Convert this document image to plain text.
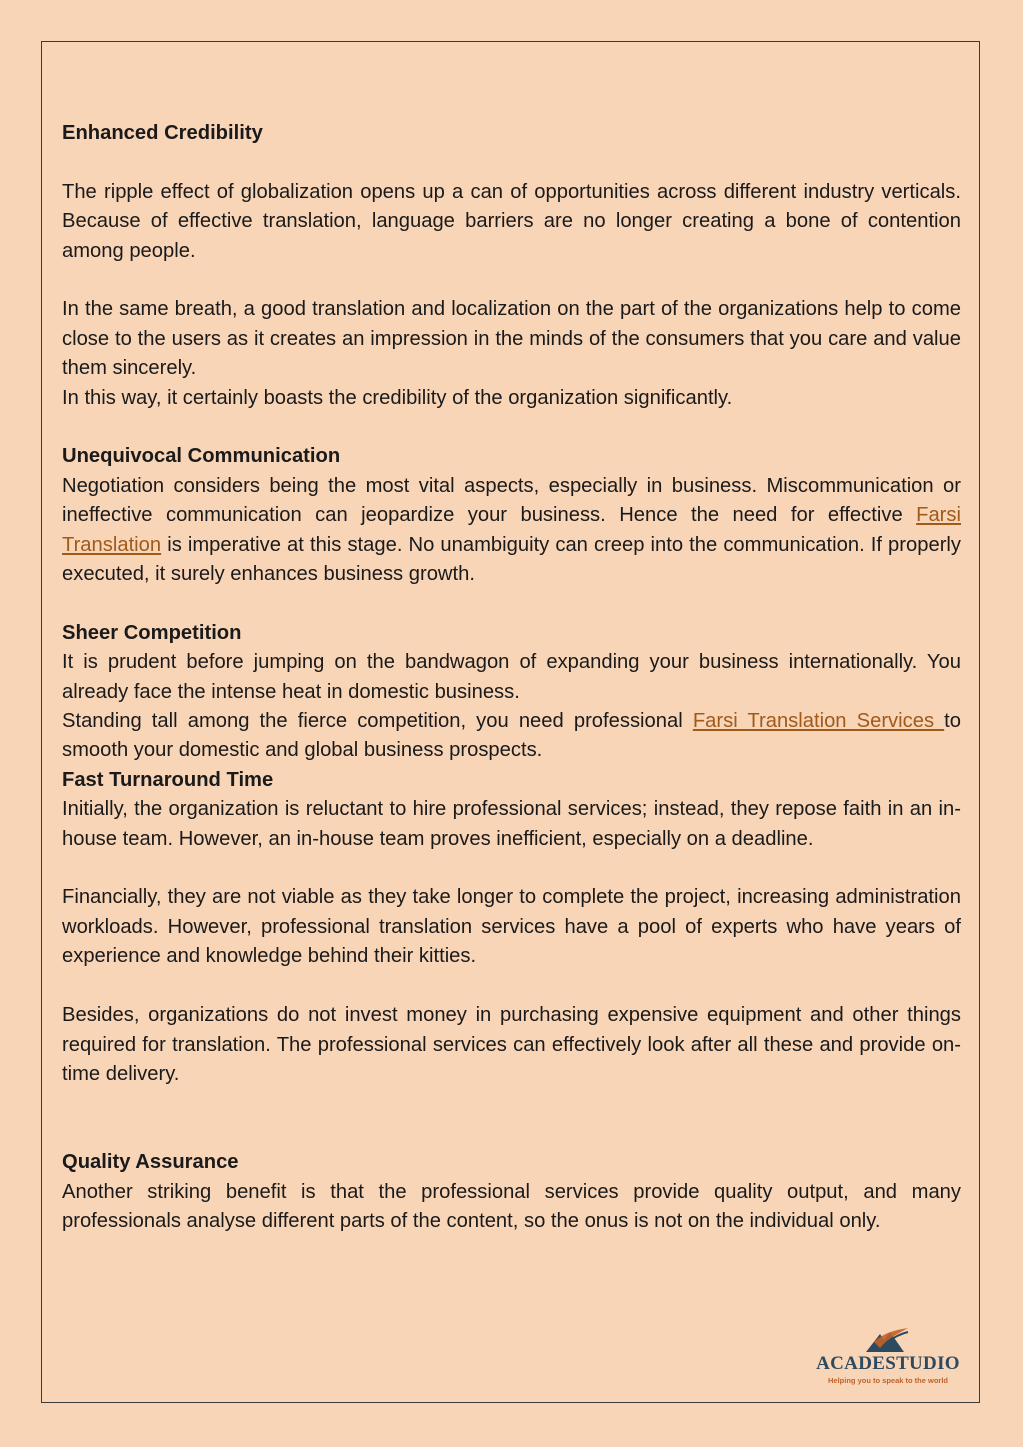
Enhanced Credibility

The ripple effect of globalization opens up a can of opportunities across different industry verticals. Because of effective translation, language barriers are no longer creating a bone of contention among people.

In the same breath, a good translation and localization on the part of the organizations help to come close to the users as it creates an impression in the minds of the consumers that you care and value them sincerely.

In this way, it certainly boasts the credibility of the organization significantly.

Unequivocal Communication

Negotiation considers being the most vital aspects, especially in business. Miscommunication or ineffective communication can jeopardize your business. Hence the need for effective Farsi Translation is imperative at this stage. No unambiguity can creep into the communication. If properly executed, it surely enhances business growth.

Sheer Competition

It is prudent before jumping on the bandwagon of expanding your business internationally. You already face the intense heat in domestic business.

Standing tall among the fierce competition, you need professional Farsi Translation Services to smooth your domestic and global business prospects.

Fast Turnaround Time

Initially, the organization is reluctant to hire professional services; instead, they repose faith in an in-house team. However, an in-house team proves inefficient, especially on a deadline.

Financially, they are not viable as they take longer to complete the project, increasing administration workloads. However, professional translation services have a pool of experts who have years of experience and knowledge behind their kitties.

Besides, organizations do not invest money in purchasing expensive equipment and other things required for translation. The professional services can effectively look after all these and provide on-time delivery.

Quality Assurance

Another striking benefit is that the professional services provide quality output, and many professionals analyse different parts of the content, so the onus is not on the individual only.

ACADESTUDIO
Helping you to speak to the world
